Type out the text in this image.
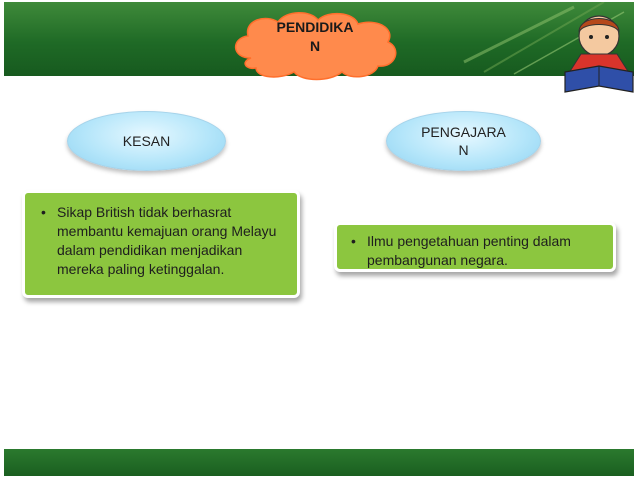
PENDIDIKA
N
KESAN
PENGAJARA
N
• Sikap British tidak berhasrat membantu kemajuan orang Melayu dalam pendidikan menjadikan mereka paling ketinggalan.
• Ilmu pengetahuan penting dalam pembangunan negara.
